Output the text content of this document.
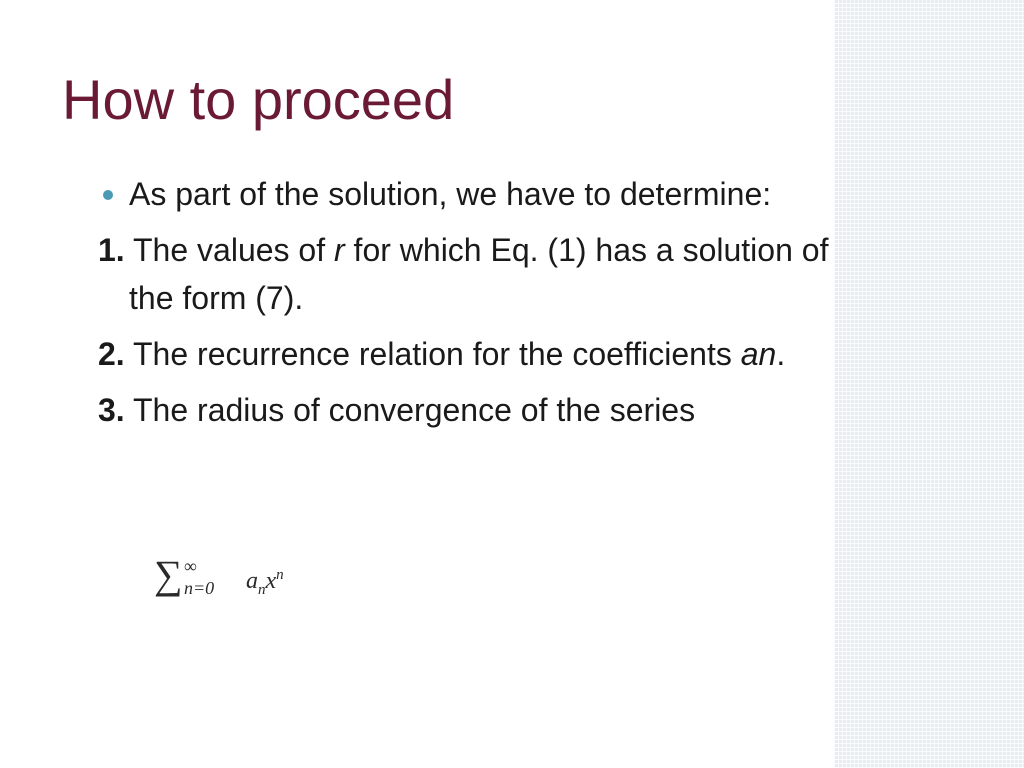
How to proceed

As part of the solution, we have to determine:

1. The values of r for which Eq. (1) has a solution of the form (7).

2. The recurrence relation for the coefficients an.

3. The radius of convergence of the series

∑ ∞
n=0 $a_nx^n$
